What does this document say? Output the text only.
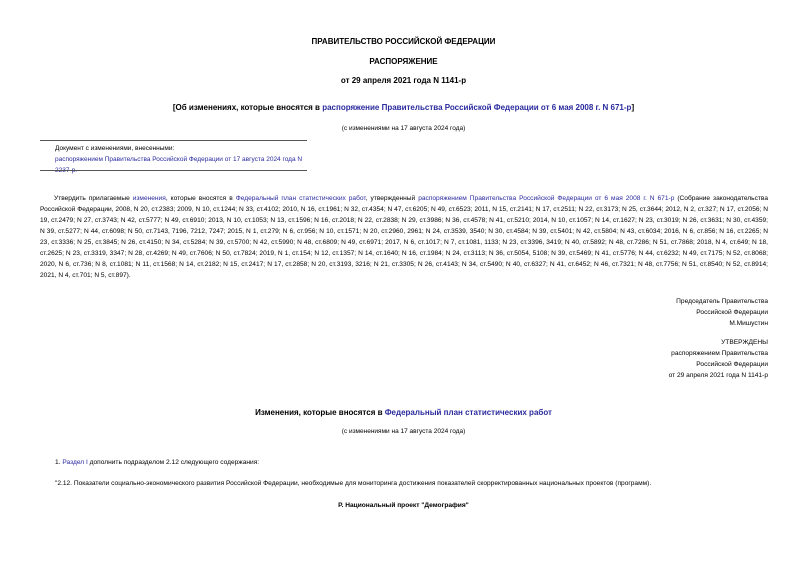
ПРАВИТЕЛЬСТВО РОССИЙСКОЙ ФЕДЕРАЦИИ
РАСПОРЯЖЕНИЕ
от 29 апреля 2021 года N 1141-р
[Об изменениях, которые вносятся в распоряжение Правительства Российской Федерации от 6 мая 2008 г. N 671-р]
(с изменениями на 17 августа 2024 года)
Документ с изменениями, внесенными:
распоряжением Правительства Российской Федерации от 17 августа 2024 года N 2237-р.
Утвердить прилагаемые изменения, которые вносятся в Федеральный план статистических работ, утвержденный распоряжением Правительства Российской Федерации от 6 мая 2008 г. N 671-р (Собрание законодательства Российской Федерации, 2008, N 20, ст.2383; 2009, N 10, ст.1244; N 33, ст.4102; 2010, N 16, ст.1961; N 32, ст.4354; N 47, ст.6205; N 49, ст.6523; 2011, N 15, ст.2141; N 17, ст.2511; N 22, ст.3173; N 25, ст.3644; 2012, N 2, ст.327; N 17, ст.2056; N 19, ст.2479; N 27, ст.3743; N 42, ст.5777; N 49, ст.6910; 2013, N 10, ст.1053; N 13, ст.1596; N 16, ст.2018; N 22, ст.2838; N 29, ст.3986; N 36, ст.4578; N 41, ст.5210; 2014, N 10, ст.1057; N 14, ст.1627; N 23, ст.3019; N 26, ст.3631; N 30, ст.4359; N 39, ст.5277; N 44, ст.6098; N 50, ст.7143, 7196, 7212, 7247; 2015, N 1, ст.279; N 6, ст.956; N 10, ст.1571; N 20, ст.2960, 2961; N 24, ст.3539, 3540; N 30, ст.4584; N 39, ст.5401; N 42, ст.5804; N 43, ст.6034; 2016, N 6, ст.856; N 16, ст.2265; N 23, ст.3336; N 25, ст.3845; N 26, ст.4150; N 34, ст.5284; N 39, ст.5700; N 42, ст.5990; N 48, ст.6809; N 49, ст.6971; 2017, N 6, ст.1017; N 7, ст.1081, 1133; N 23, ст.3396, 3419; N 40, ст.5892; N 48, ст.7286; N 51, ст.7868; 2018, N 4, ст.649; N 18, ст.2625; N 23, ст.3319, 3347; N 28, ст.4269; N 49, ст.7606; N 50, ст.7824; 2019, N 1, ст.154; N 12, ст.1357; N 14, ст.1640; N 16, ст.1984; N 24, ст.3113; N 36, ст.5054, 5108; N 39, ст.5469; N 41, ст.5776; N 44, ст.6232; N 49, ст.7175; N 52, ст.8068; 2020, N 6, ст.736; N 8, ст.1081; N 11, ст.1568; N 14, ст.2182; N 15, ст.2417; N 17, ст.2858; N 20, ст.3193, 3216; N 21, ст.3305; N 26, ст.4143; N 34, ст.5490; N 40, ст.6327; N 41, ст.6452; N 46, ст.7321; N 48, ст.7756; N 51, ст.8540; N 52, ст.8914; 2021, N 4, ст.701; N 5, ст.897).
Председатель Правительства
Российской Федерации
М.Мишустин
УТВЕРЖДЕНЫ
распоряжением Правительства
Российской Федерации
от 29 апреля 2021 года N 1141-р
Изменения, которые вносятся в Федеральный план статистических работ
(с изменениями на 17 августа 2024 года)
1. Раздел I дополнить подразделом 2.12 следующего содержания:
"2.12. Показатели социально-экономического развития Российской Федерации, необходимые для мониторинга достижения показателей скорректированных национальных проектов (программ).
Р. Национальный проект "Демография"
